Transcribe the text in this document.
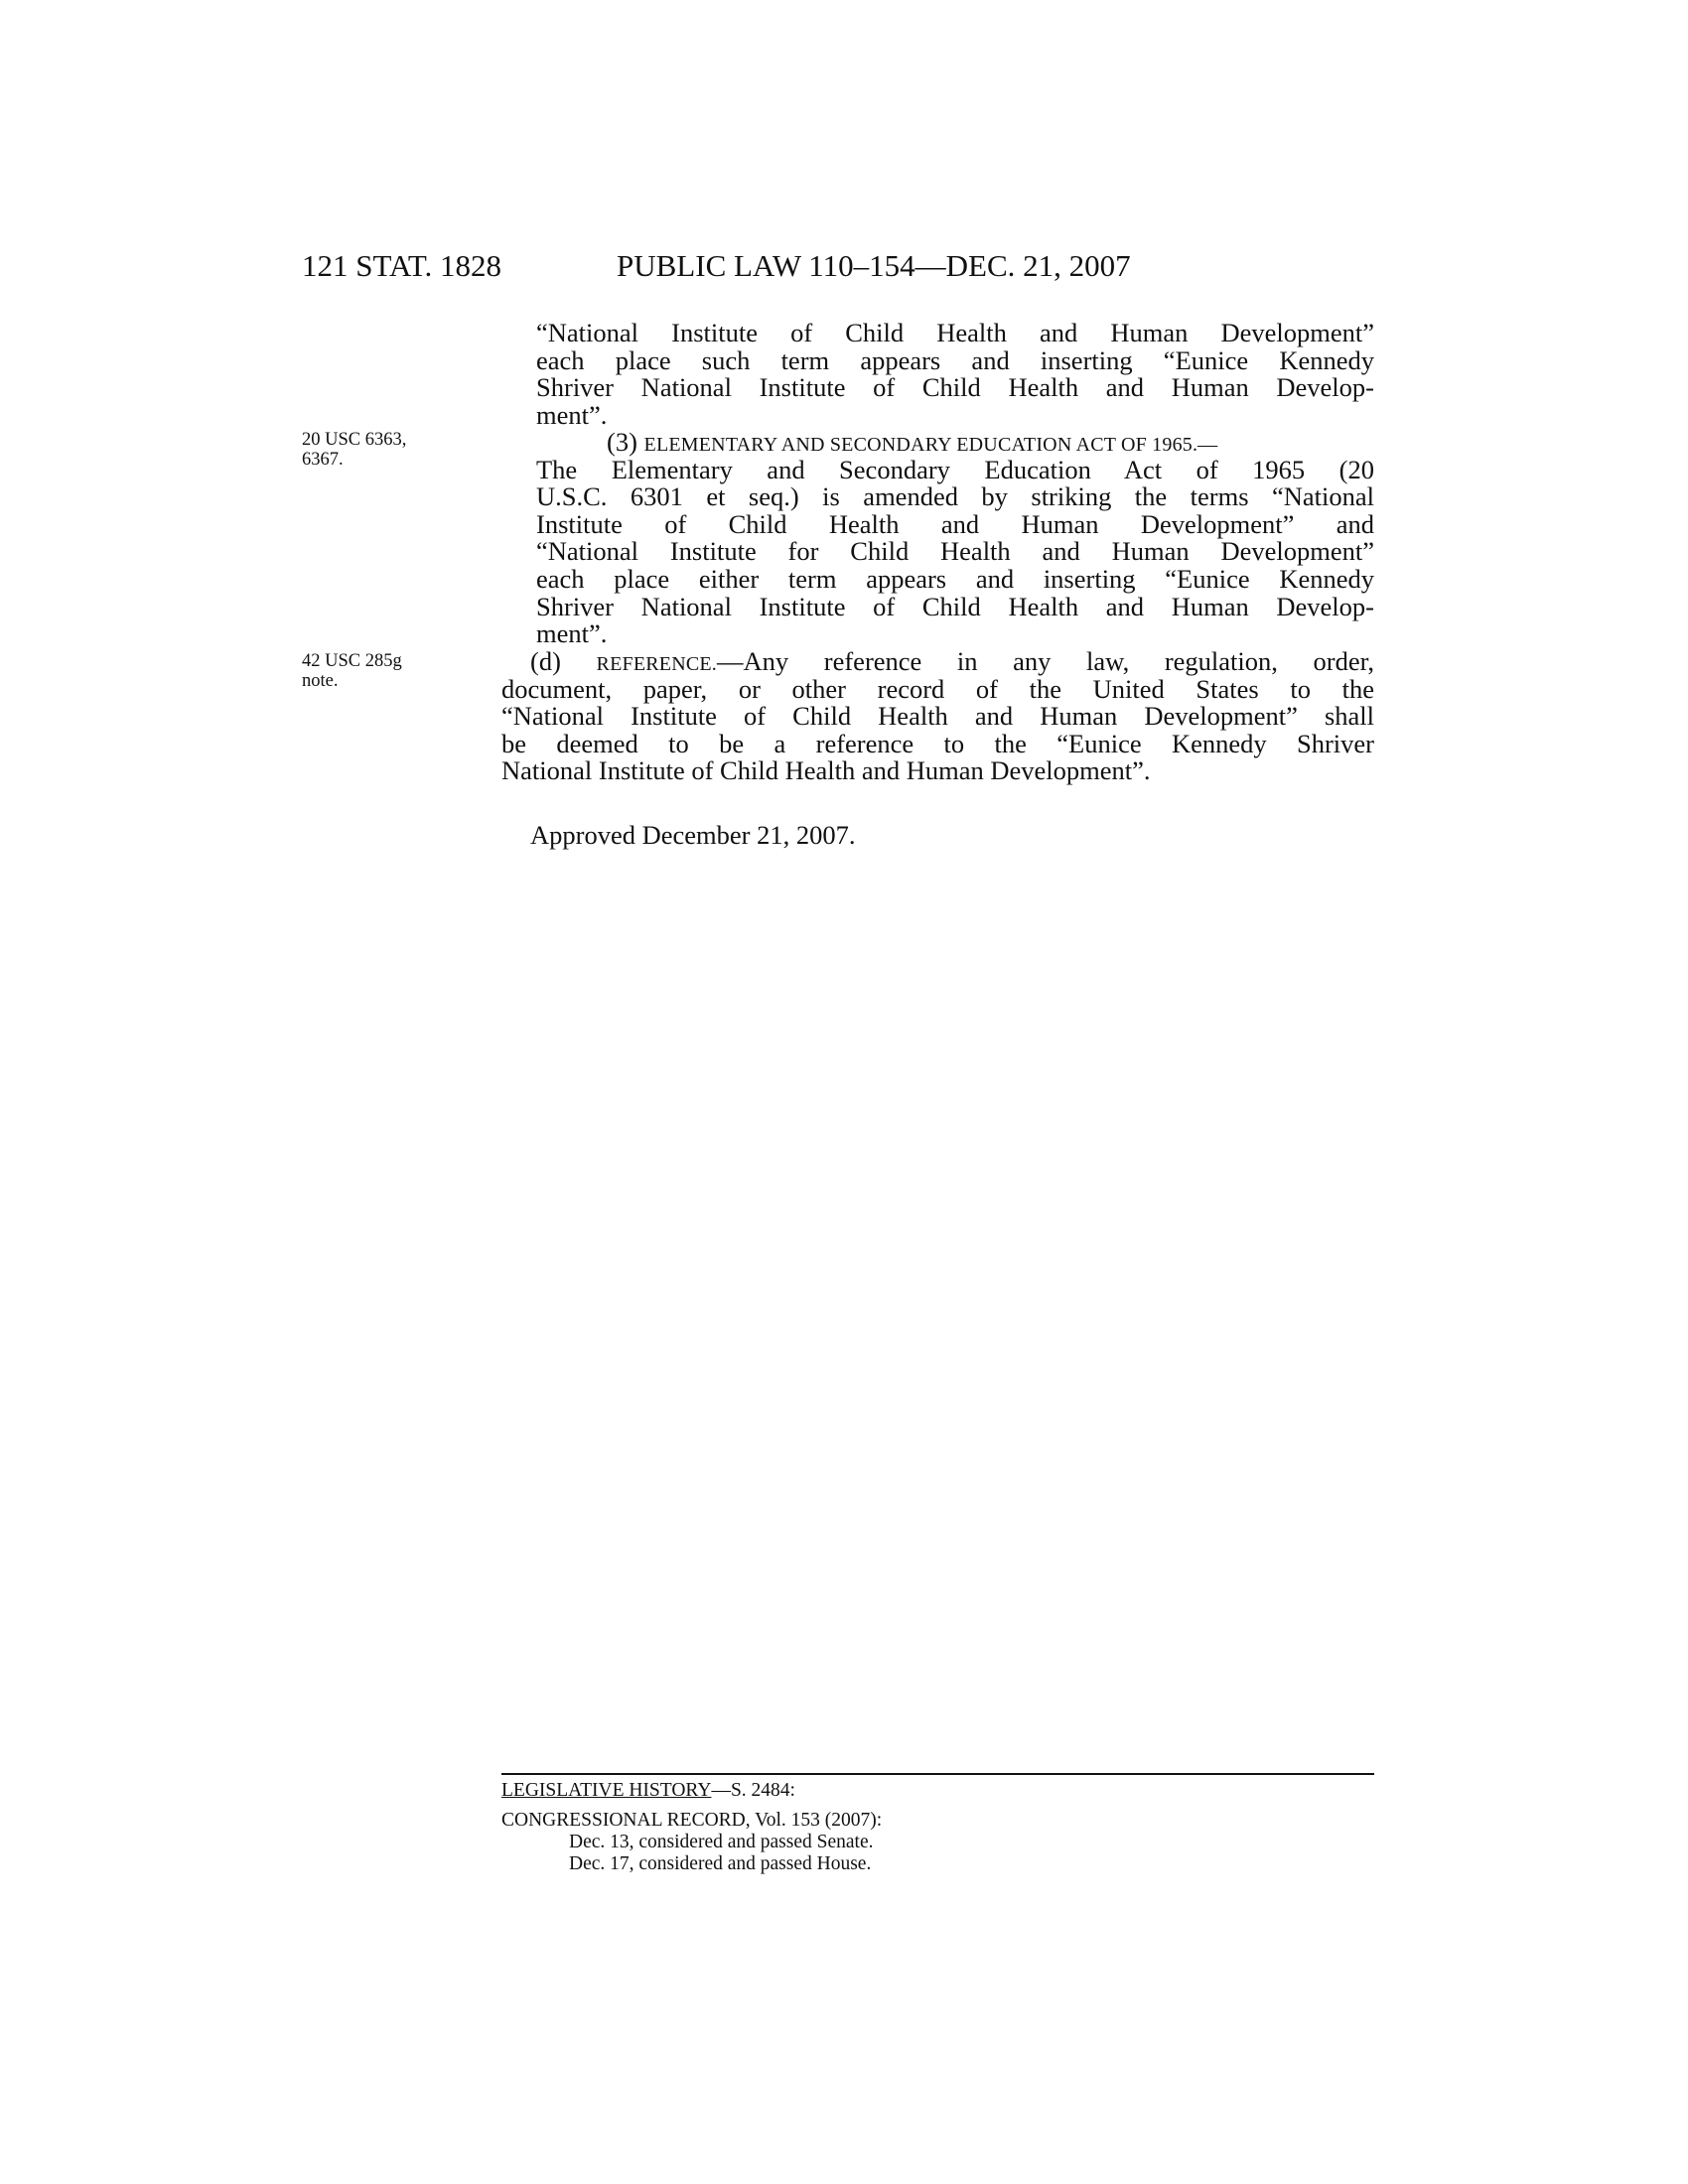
121 STAT. 1828	PUBLIC LAW 110–154—DEC. 21, 2007
20 USC 6363,
6367.
42 USC 285g
note.
“National Institute of Child Health and Human Development”
each place such term appears and inserting “Eunice Kennedy
Shriver National Institute of Child Health and Human Develop-
ment”.
(3) ELEMENTARY AND SECONDARY EDUCATION ACT OF 1965.—
The Elementary and Secondary Education Act of 1965 (20
U.S.C. 6301 et seq.) is amended by striking the terms “National
Institute of Child Health and Human Development” and
“National Institute for Child Health and Human Development”
each place either term appears and inserting “Eunice Kennedy
Shriver National Institute of Child Health and Human Develop-
ment”.
(d) REFERENCE.—Any reference in any law, regulation, order,
document, paper, or other record of the United States to the
“National Institute of Child Health and Human Development” shall
be deemed to be a reference to the “Eunice Kennedy Shriver
National Institute of Child Health and Human Development”.
Approved December 21, 2007.
LEGISLATIVE HISTORY—S. 2484:
CONGRESSIONAL RECORD, Vol. 153 (2007):
Dec. 13, considered and passed Senate.
Dec. 17, considered and passed House.
